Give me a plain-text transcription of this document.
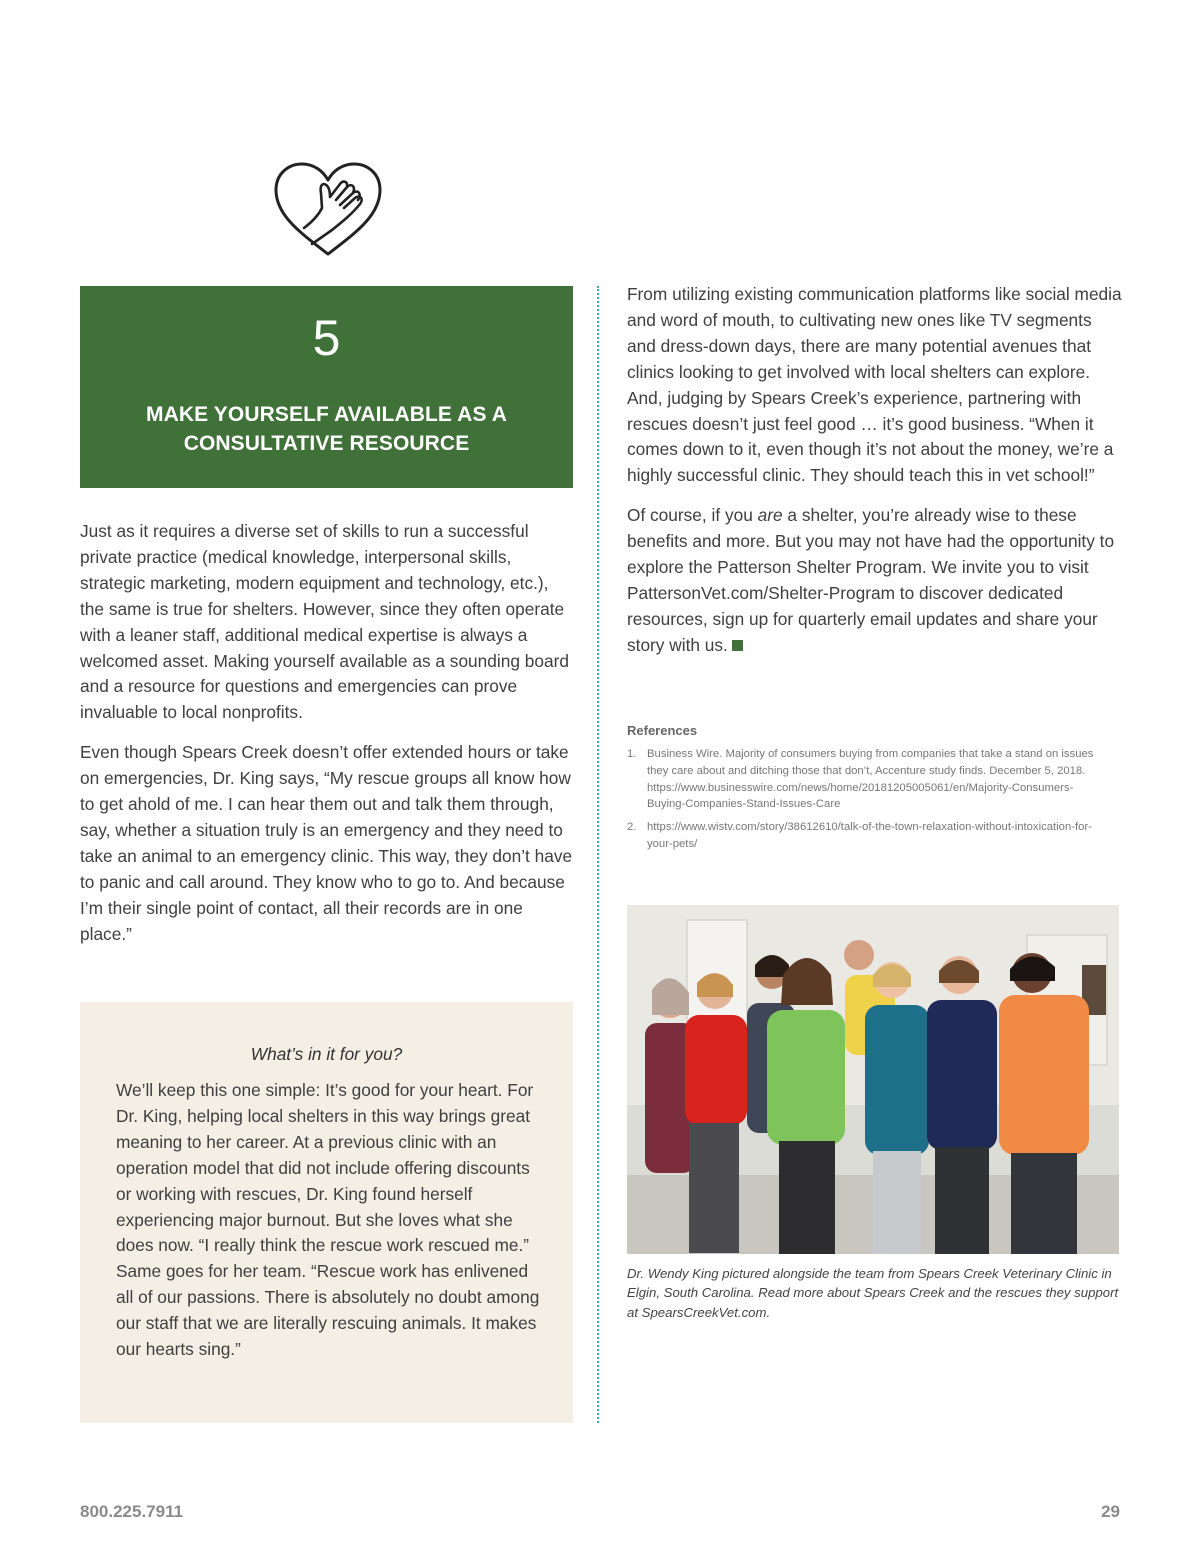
5
MAKE YOURSELF AVAILABLE AS A
CONSULTATIVE RESOURCE

Just as it requires a diverse set of skills to run a successful private practice (medical knowledge, interpersonal skills, strategic marketing, modern equipment and technology, etc.), the same is true for shelters. However, since they often operate with a leaner staff, additional medical expertise is always a welcomed asset. Making yourself available as a sounding board and a resource for questions and emergencies can prove invaluable to local nonprofits.

Even though Spears Creek doesn’t offer extended hours or take on emergencies, Dr. King says, “My rescue groups all know how to get ahold of me. I can hear them out and talk them through, say, whether a situation truly is an emergency and they need to take an animal to an emergency clinic. This way, they don’t have to panic and call around. They know who to go to. And because I’m their single point of contact, all their records are in one place.”

What’s in it for you?

We’ll keep this one simple: It’s good for your heart. For Dr. King, helping local shelters in this way brings great meaning to her career. At a previous clinic with an operation model that did not include offering discounts or working with rescues, Dr. King found herself experiencing major burnout. But she loves what she does now. “I really think the rescue work rescued me.” Same goes for her team. “Rescue work has enlivened all of our passions. There is absolutely no doubt among our staff that we are literally rescuing animals. It makes our hearts sing.”

From utilizing existing communication platforms like social media and word of mouth, to cultivating new ones like TV segments and dress-down days, there are many potential avenues that clinics looking to get involved with local shelters can explore. And, judging by Spears Creek’s experience, partnering with rescues doesn’t just feel good … it’s good business. “When it comes down to it, even though it’s not about the money, we’re a highly successful clinic. They should teach this in vet school!”

Of course, if you are a shelter, you’re already wise to these benefits and more. But you may not have had the opportunity to explore the Patterson Shelter Program. We invite you to visit PattersonVet.com/Shelter-Program to discover dedicated resources, sign up for quarterly email updates and share your story with us.

References
1. Business Wire. Majority of consumers buying from companies that take a stand on issues they care about and ditching those that don’t, Accenture study finds. December 5, 2018. https://www.businesswire.com/news/home/20181205005061/en/Majority-Consumers-Buying-Companies-Stand-Issues-Care
2. https://www.wistv.com/story/38612610/talk-of-the-town-relaxation-without-intoxication-for-your-pets/
Dr. Wendy King pictured alongside the team from Spears Creek Veterinary Clinic in Elgin, South Carolina. Read more about Spears Creek and the rescues they support at SpearsCreekVet.com.
800.225.7911	29
